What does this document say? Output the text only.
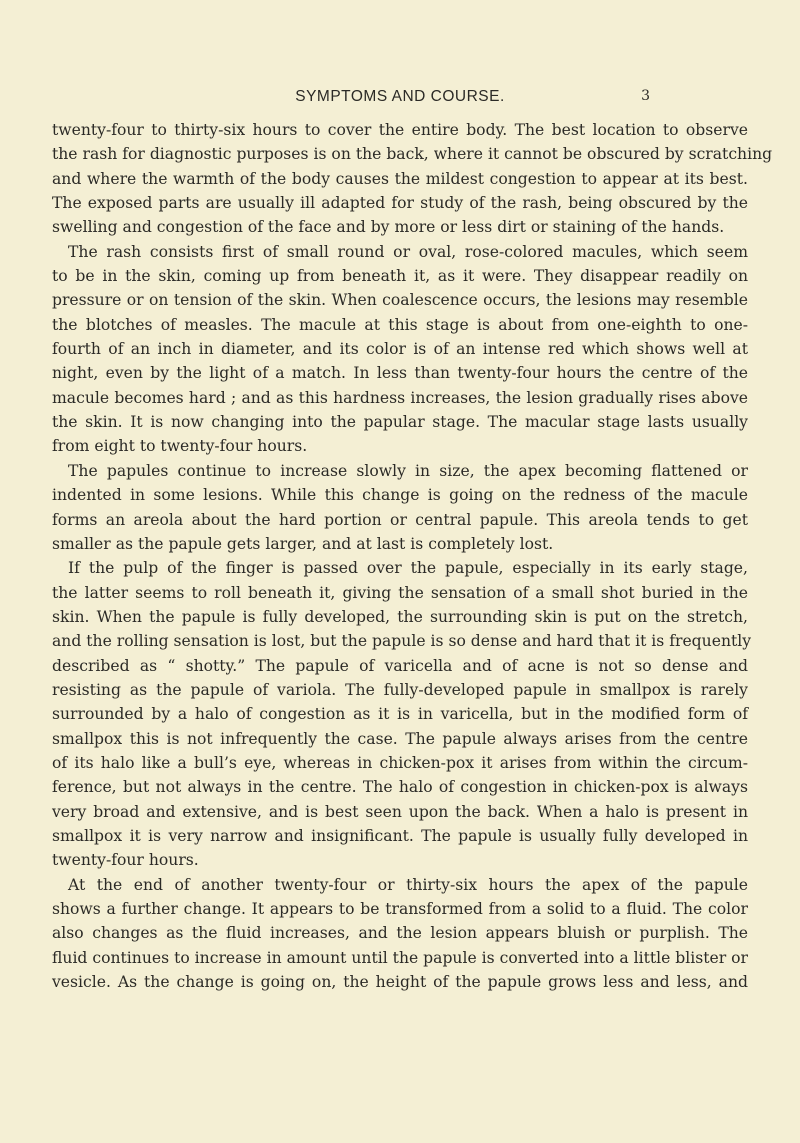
SYMPTOMS AND COURSE.	3
twenty-four to thirty-six hours to cover the entire body. The best location to observe
the rash for diagnostic purposes is on the back, where it cannot be obscured by scratching
and where the warmth of the body causes the mildest congestion to appear at its best.
The exposed parts are usually ill adapted for study of the rash, being obscured by the
swelling and congestion of the face and by more or less dirt or staining of the hands.
The rash consists first of small round or oval, rose-colored macules, which seem
to be in the skin, coming up from beneath it, as it were. They disappear readily on
pressure or on tension of the skin. When coalescence occurs, the lesions may resemble
the blotches of measles. The macule at this stage is about from one-eighth to one-
fourth of an inch in diameter, and its color is of an intense red which shows well at
night, even by the light of a match. In less than twenty-four hours the centre of the
macule becomes hard ; and as this hardness increases, the lesion gradually rises above
the skin. It is now changing into the papular stage. The macular stage lasts usually
from eight to twenty-four hours.
The papules continue to increase slowly in size, the apex becoming flattened or
indented in some lesions. While this change is going on the redness of the macule
forms an areola about the hard portion or central papule. This areola tends to get
smaller as the papule gets larger, and at last is completely lost.
If the pulp of the finger is passed over the papule, especially in its early stage,
the latter seems to roll beneath it, giving the sensation of a small shot buried in the
skin. When the papule is fully developed, the surrounding skin is put on the stretch,
and the rolling sensation is lost, but the papule is so dense and hard that it is frequently
described as “ shotty.” The papule of varicella and of acne is not so dense and
resisting as the papule of variola. The fully-developed papule in smallpox is rarely
surrounded by a halo of congestion as it is in varicella, but in the modified form of
smallpox this is not infrequently the case. The papule always arises from the centre
of its halo like a bull’s eye, whereas in chicken-pox it arises from within the circum-
ference, but not always in the centre. The halo of congestion in chicken-pox is always
very broad and extensive, and is best seen upon the back. When a halo is present in
smallpox it is very narrow and insignificant. The papule is usually fully developed in
twenty-four hours.
At the end of another twenty-four or thirty-six hours the apex of the papule
shows a further change. It appears to be transformed from a solid to a fluid. The color
also changes as the fluid increases, and the lesion appears bluish or purplish. The
fluid continues to increase in amount until the papule is converted into a little blister or
vesicle. As the change is going on, the height of the papule grows less and less, and
